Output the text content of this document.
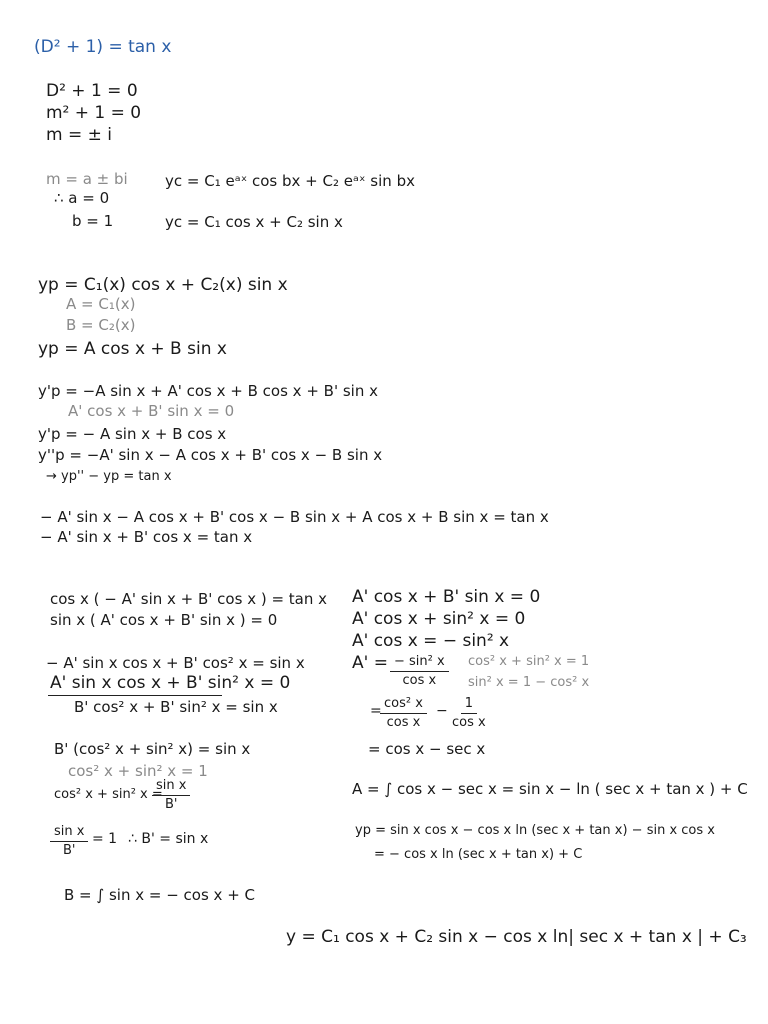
(D² + 1) = tan x
D² + 1 = 0
m² + 1 = 0
m = ± i
m = a ± bi
∴ a = 0
b = 1
yc = C₁ eᵃˣ cos bx + C₂ eᵃˣ sin bx
yc = C₁ cos x + C₂ sin x
yp = C₁(x) cos x + C₂(x) sin x
A = C₁(x)
B = C₂(x)
yp = A cos x + B sin x
y'p = −A sin x + A' cos x + B cos x + B' sin x
A' cos x + B' sin x = 0
y'p = − A sin x + B cos x
y''p = −A' sin x − A cos x + B' cos x − B sin x
→ yp'' − yp = tan x
− A' sin x − A cos x + B' cos x − B sin x + A cos x + B sin x = tan x
− A' sin x + B' cos x = tan x
cos x ( − A' sin x + B' cos x ) = tan x
sin x ( A' cos x + B' sin x ) = 0
− A' sin x cos x + B' cos² x = sin x
A' sin x cos x + B' sin² x = 0
B' cos² x + B' sin² x = sin x
B' (cos² x + sin² x) = sin x
cos² x + sin² x = 1
cos² x + sin² x =
$\frac{\text{sin x}}{B'}$
$\frac{\text{sin x}}{B'} = 1$ ∴ B' = sin x
B = ∫ sin x = − cos x + C
A' cos x + B' sin x = 0
A' cos x + sin² x = 0
A' cos x = − sin² x
$A' = \frac{\text{− sin² x}}{\text{cos x}} \cos^2$ x + sin² x = 1
sin² x = 1 − cos² x
=
$\frac{\text{cos² x}}{\text{cos x}} - \frac{1}{\text{cos x}}$
= cos x − sec x
A = ∫ cos x − sec x = sin x − ln ( sec x + tan x ) + C
yp = sin x cos x − cos x ln (sec x + tan x) − sin x cos x
= − cos x ln (sec x + tan x) + C
y = C₁ cos x + C₂ sin x − cos x ln| sec x + tan x | + C₃
